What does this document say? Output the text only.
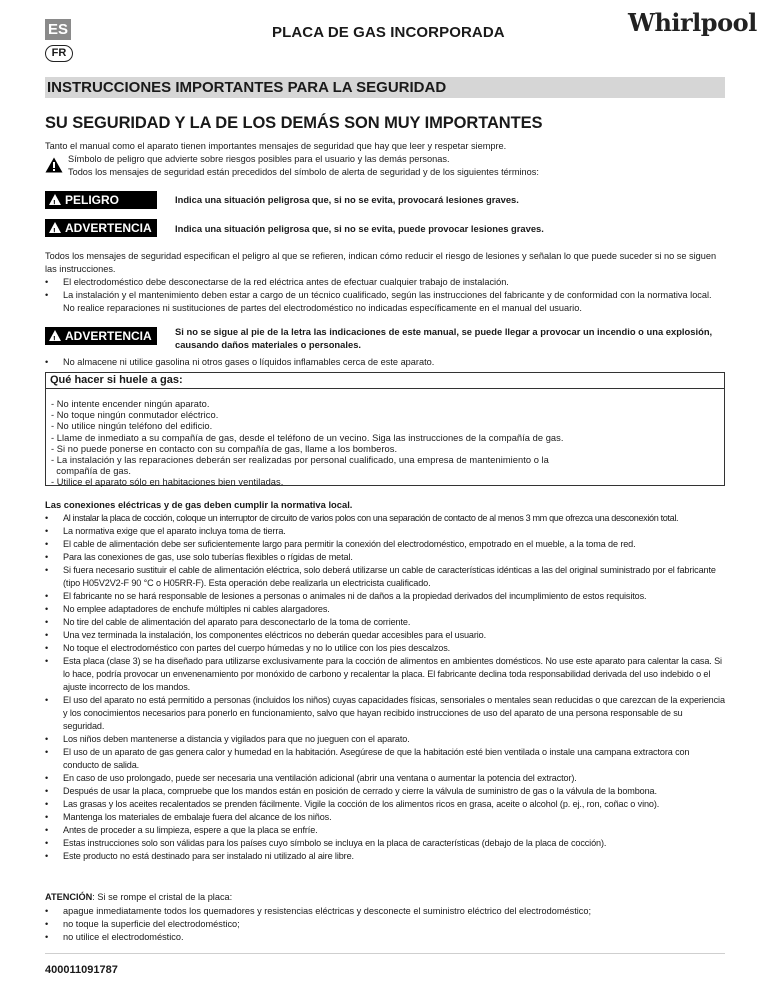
ES	PLACA DE GAS INCORPORADA	Whirlpool
FR
INSTRUCCIONES IMPORTANTES PARA LA SEGURIDAD
SU SEGURIDAD Y LA DE LOS DEMÁS SON MUY IMPORTANTES
Tanto el manual como el aparato tienen importantes mensajes de seguridad que hay que leer y respetar siempre.
Símbolo de peligro que advierte sobre riesgos posibles para el usuario y las demás personas.
Todos los mensajes de seguridad están precedidos del símbolo de alerta de seguridad y de los siguientes términos:
!PELIGRO	Indica una situación peligrosa que, si no se evita, provocará lesiones graves.
!ADVERTENCIA	Indica una situación peligrosa que, si no se evita, puede provocar lesiones graves.
Todos los mensajes de seguridad especifican el peligro al que se refieren, indican cómo reducir el riesgo de lesiones y señalan lo que puede suceder si no se siguen las instrucciones.
• El electrodoméstico debe desconectarse de la red eléctrica antes de efectuar cualquier trabajo de instalación.
• La instalación y el mantenimiento deben estar a cargo de un técnico cualificado, según las instrucciones del fabricante y de conformidad con la normativa local. No realice reparaciones ni sustituciones de partes del electrodoméstico no indicadas específicamente en el manual del usuario.
!ADVERTENCIA	Si no se sigue al pie de la letra las indicaciones de este manual, se puede llegar a provocar un incendio o una explosión, causando daños materiales o personales.
• No almacene ni utilice gasolina ni otros gases o líquidos inflamables cerca de este aparato.
Qué hacer si huele a gas:
- No intente encender ningún aparato.
- No toque ningún conmutador eléctrico.
- No utilice ningún teléfono del edificio.
- Llame de inmediato a su compañía de gas, desde el teléfono de un vecino. Siga las instrucciones de la compañía de gas.
- Si no puede ponerse en contacto con su compañía de gas, llame a los bomberos.
- La instalación y las reparaciones deberán ser realizadas por personal cualificado, una empresa de mantenimiento o la
compañía de gas.
- Utilice el aparato sólo en habitaciones bien ventiladas.
Las conexiones eléctricas y de gas deben cumplir la normativa local.
• Al instalar la placa de cocción, coloque un interruptor de circuito de varios polos con una separación de contacto de al menos 3 mm que ofrezca una desconexión total.
• La normativa exige que el aparato incluya toma de tierra.
• El cable de alimentación debe ser suficientemente largo para permitir la conexión del electrodoméstico, empotrado en el mueble, a la toma de red.
• Para las conexiones de gas, use solo tuberías flexibles o rígidas de metal.
• Si fuera necesario sustituir el cable de alimentación eléctrica, solo deberá utilizarse un cable de características idénticas a las del original suministrado por el fabricante (tipo H05V2V2-F 90 °C o H05RR-F). Esta operación debe realizarla un electricista cualificado.
• El fabricante no se hará responsable de lesiones a personas o animales ni de daños a la propiedad derivados del incumplimiento de estos requisitos.
• No emplee adaptadores de enchufe múltiples ni cables alargadores.
• No tire del cable de alimentación del aparato para desconectarlo de la toma de corriente.
• Una vez terminada la instalación, los componentes eléctricos no deberán quedar accesibles para el usuario.
• No toque el electrodoméstico con partes del cuerpo húmedas y no lo utilice con los pies descalzos.
• Esta placa (clase 3) se ha diseñado para utilizarse exclusivamente para la cocción de alimentos en ambientes domésticos. No use este aparato para calentar la casa. Si lo hace, podría provocar un envenenamiento por monóxido de carbono y recalentar la placa. El fabricante declina toda responsabilidad derivada del uso indebido o el ajuste incorrecto de los mandos.
• El uso del aparato no está permitido a personas (incluidos los niños) cuyas capacidades físicas, sensoriales o mentales sean reducidas o que carezcan de la experiencia y los conocimientos necesarios para ponerlo en funcionamiento, salvo que hayan recibido instrucciones de uso del aparato de una persona responsable de su seguridad.
• Los niños deben mantenerse a distancia y vigilados para que no jueguen con el aparato.
• El uso de un aparato de gas genera calor y humedad en la habitación. Asegúrese de que la habitación esté bien ventilada o instale una campana extractora con conducto de salida.
• En caso de uso prolongado, puede ser necesaria una ventilación adicional (abrir una ventana o aumentar la potencia del extractor).
• Después de usar la placa, compruebe que los mandos están en posición de cerrado y cierre la válvula de suministro de gas o la válvula de la bombona.
• Las grasas y los aceites recalentados se prenden fácilmente. Vigile la cocción de los alimentos ricos en grasa, aceite o alcohol (p. ej., ron, coñac o vino).
• Mantenga los materiales de embalaje fuera del alcance de los niños.
• Antes de proceder a su limpieza, espere a que la placa se enfríe.
• Estas instrucciones solo son válidas para los países cuyo símbolo se incluya en la placa de características (debajo de la placa de cocción).
• Este producto no está destinado para ser instalado ni utilizado al aire libre.
ATENCIÓN: Si se rompe el cristal de la placa:
• apague inmediatamente todos los quemadores y resistencias eléctricas y desconecte el suministro eléctrico del electrodoméstico;
• no toque la superficie del electrodoméstico;
• no utilice el electrodoméstico.
400011091787
